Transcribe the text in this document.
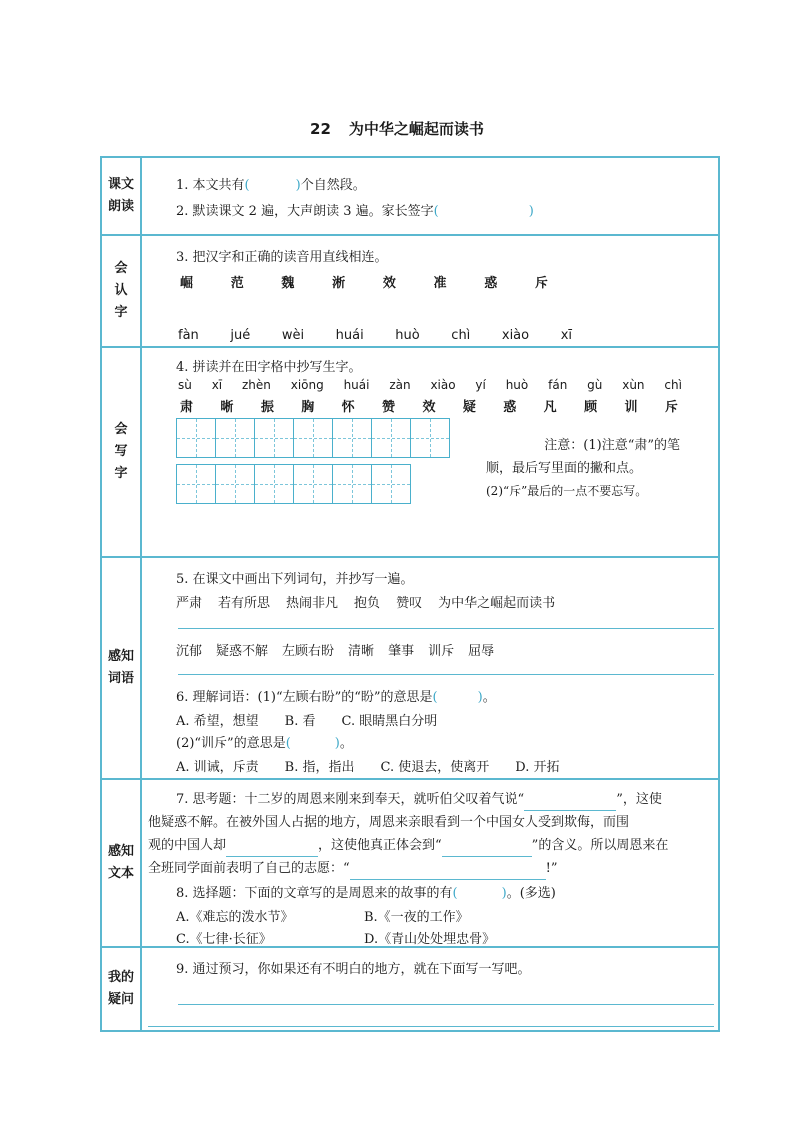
22 为中华之崛起而读书
课文
朗读
1. 本文共有(	)个自然段。
2. 默读课文 2 遍，大声朗读 3 遍。家长签字(	)
会
认
字
3. 把汉字和正确的读音用直线相连。
崛	范	魏	淅	效	准	惑	斥
fàn jué wèi huái huò chì xiào xī
会
写
字
4. 拼读并在田字格中抄写生字。
sù xī zhèn xiōng huái zàn xiào yí huò fán gù xùn chì
肃 晰 振 胸 怀 赞 效 疑 惑 凡 顾 训 斥
注意：(1)注意“肃”的笔
顺，最后写里面的撇和点。
(2)“斥”最后的一点不要忘写。
感知
词语
5. 在课文中画出下列词句，并抄写一遍。
严肃 若有所思 热闹非凡 抱负 赞叹 为中华之崛起而读书
沉郁 疑惑不解 左顾右盼 清晰 肇事 训斥 屈辱
6. 理解词语：(1)“左顾右盼”的“盼”的意思是(	)。
A. 希望，想望 B. 看 C. 眼睛黑白分明
(2)“训斥”的意思是(	)。
A. 训诫，斥责 B. 指，指出 C. 使退去，使离开 D. 开拓
感知
文本
7. 思考题：十二岁的周恩来刚来到奉天，就听伯父叹着气说“	”，这使
他疑惑不解。在被外国人占据的地方，周恩来亲眼看到一个中国女人受到欺侮，而围
观的中国人却	，这使他真正体会到“	”的含义。所以周恩来在
全班同学面前表明了自己的志愿：“	!”
8. 选择题：下面的文章写的是周恩来的故事的有(	)。(多选)
A.《难忘的泼水节》	B.《一夜的工作》
C.《七律·长征》	D.《青山处处埋忠骨》
我的
疑问
9. 通过预习，你如果还有不明白的地方，就在下面写一写吧。
